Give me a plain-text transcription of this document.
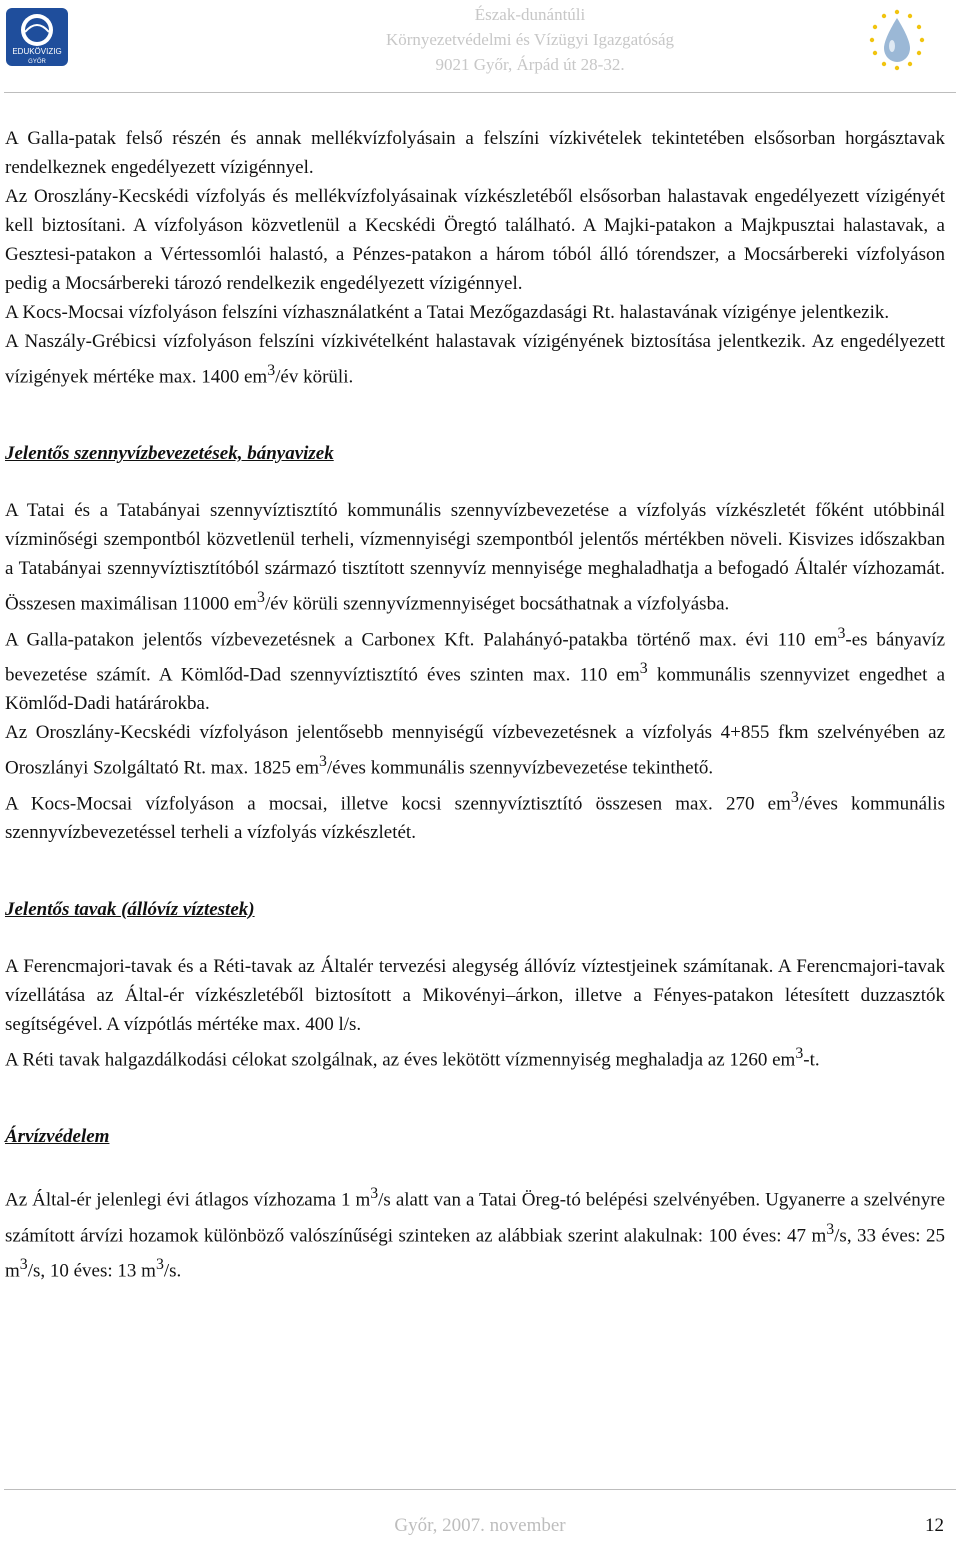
EDUKÖVIZIG
GYŐR
Észak-dunántúli
Környezetvédelmi és Vízügyi Igazgatóság
9021 Győr, Árpád út 28-32.

A Galla-patak felső részén és annak mellékvízfolyásain a felszíni vízkivételek tekintetében elsősorban horgásztavak rendelkeznek engedélyezett vízigénnyel.

Az Oroszlány-Kecskédi vízfolyás és mellékvízfolyásainak vízkészletéből elsősorban halastavak engedélyezett vízigényét kell biztosítani. A vízfolyáson közvetlenül a Kecskédi Öregtó található. A Majki-patakon a Majkpusztai halastavak, a Gesztesi-patakon a Vértessomlói halastó, a Pénzes-patakon a három tóból álló tórendszer, a Mocsárbereki vízfolyáson pedig a Mocsárbereki tározó rendelkezik engedélyezett vízigénnyel.

A Kocs-Mocsai vízfolyáson felszíni vízhasználatként a Tatai Mezőgazdasági Rt. halastavának vízigénye jelentkezik.

A Naszály-Grébicsi vízfolyáson felszíni vízkivételként halastavak vízigényének biztosítása jelentkezik. Az engedélyezett vízigények mértéke max. 1400 $em^3/év$ körüli.

Jelentős szennyvízbevezetések, bányavizek

A Tatai és a Tatabányai szennyvíztisztító kommunális szennyvízbevezetése a vízfolyás vízkészletét főként utóbbinál vízminőségi szempontból közvetlenül terheli, vízmennyiségi szempontból jelentős mértékben növeli. Kisvizes időszakban a Tatabányai szennyvíztisztítóból származó tisztított szennyvíz mennyisége meghaladhatja a befogadó Általér vízhozamát. Összesen maximálisan 11000 $em^3/év$ körüli szennyvízmennyiséget bocsáthatnak a vízfolyásba.

A Galla-patakon jelentős vízbevezetésnek a Carbonex Kft. Palahányó-patakba történő max. évi 110 $em^3-es$ bányavíz bevezetése számít. A Kömlőd-Dad szennyvíztisztító éves szinten max. 110 $em^3$ kommunális szennyvizet engedhet a Kömlőd-Dadi határárokba.

Az Oroszlány-Kecskédi vízfolyáson jelentősebb mennyiségű vízbevezetésnek a vízfolyás 4+855 fkm szelvényében az Oroszlányi Szolgáltató Rt. max. 1825 $em^3$/éves kommunális szennyvízbevezetése tekinthető.

A Kocs-Mocsai vízfolyáson a mocsai, illetve kocsi szennyvíztisztító összesen max. 270 $em^3$/éves kommunális szennyvízbevezetéssel terheli a vízfolyás vízkészletét.

Jelentős tavak (állóvíz víztestek)

A Ferencmajori-tavak és a Réti-tavak az Általér tervezési alegység állóvíz víztestjeinek számítanak. A Ferencmajori-tavak vízellátása az Által-ér vízkészletéből biztosított a Mikovényi–árkon, illetve a Fényes-patakon létesített duzzasztók segítségével. A vízpótlás mértéke max. 400 l/s.

A Réti tavak halgazdálkodási célokat szolgálnak, az éves lekötött vízmennyiség meghaladja az 1260 $em^3-t$.

Árvízvédelem

Az Által-ér jelenlegi évi átlagos vízhozama 1 $m^3/s$ alatt van a Tatai Öreg-tó belépési szelvényében. Ugyanerre a szelvényre számított árvízi hozamok különböző valószínűségi szinteken az alábbiak szerint alakulnak: 100 éves: 47 $m^3/s$, 33 éves: 25 $m^3/s$, 10 éves: 13 $m^3/s$.

Győr, 2007. november	12
